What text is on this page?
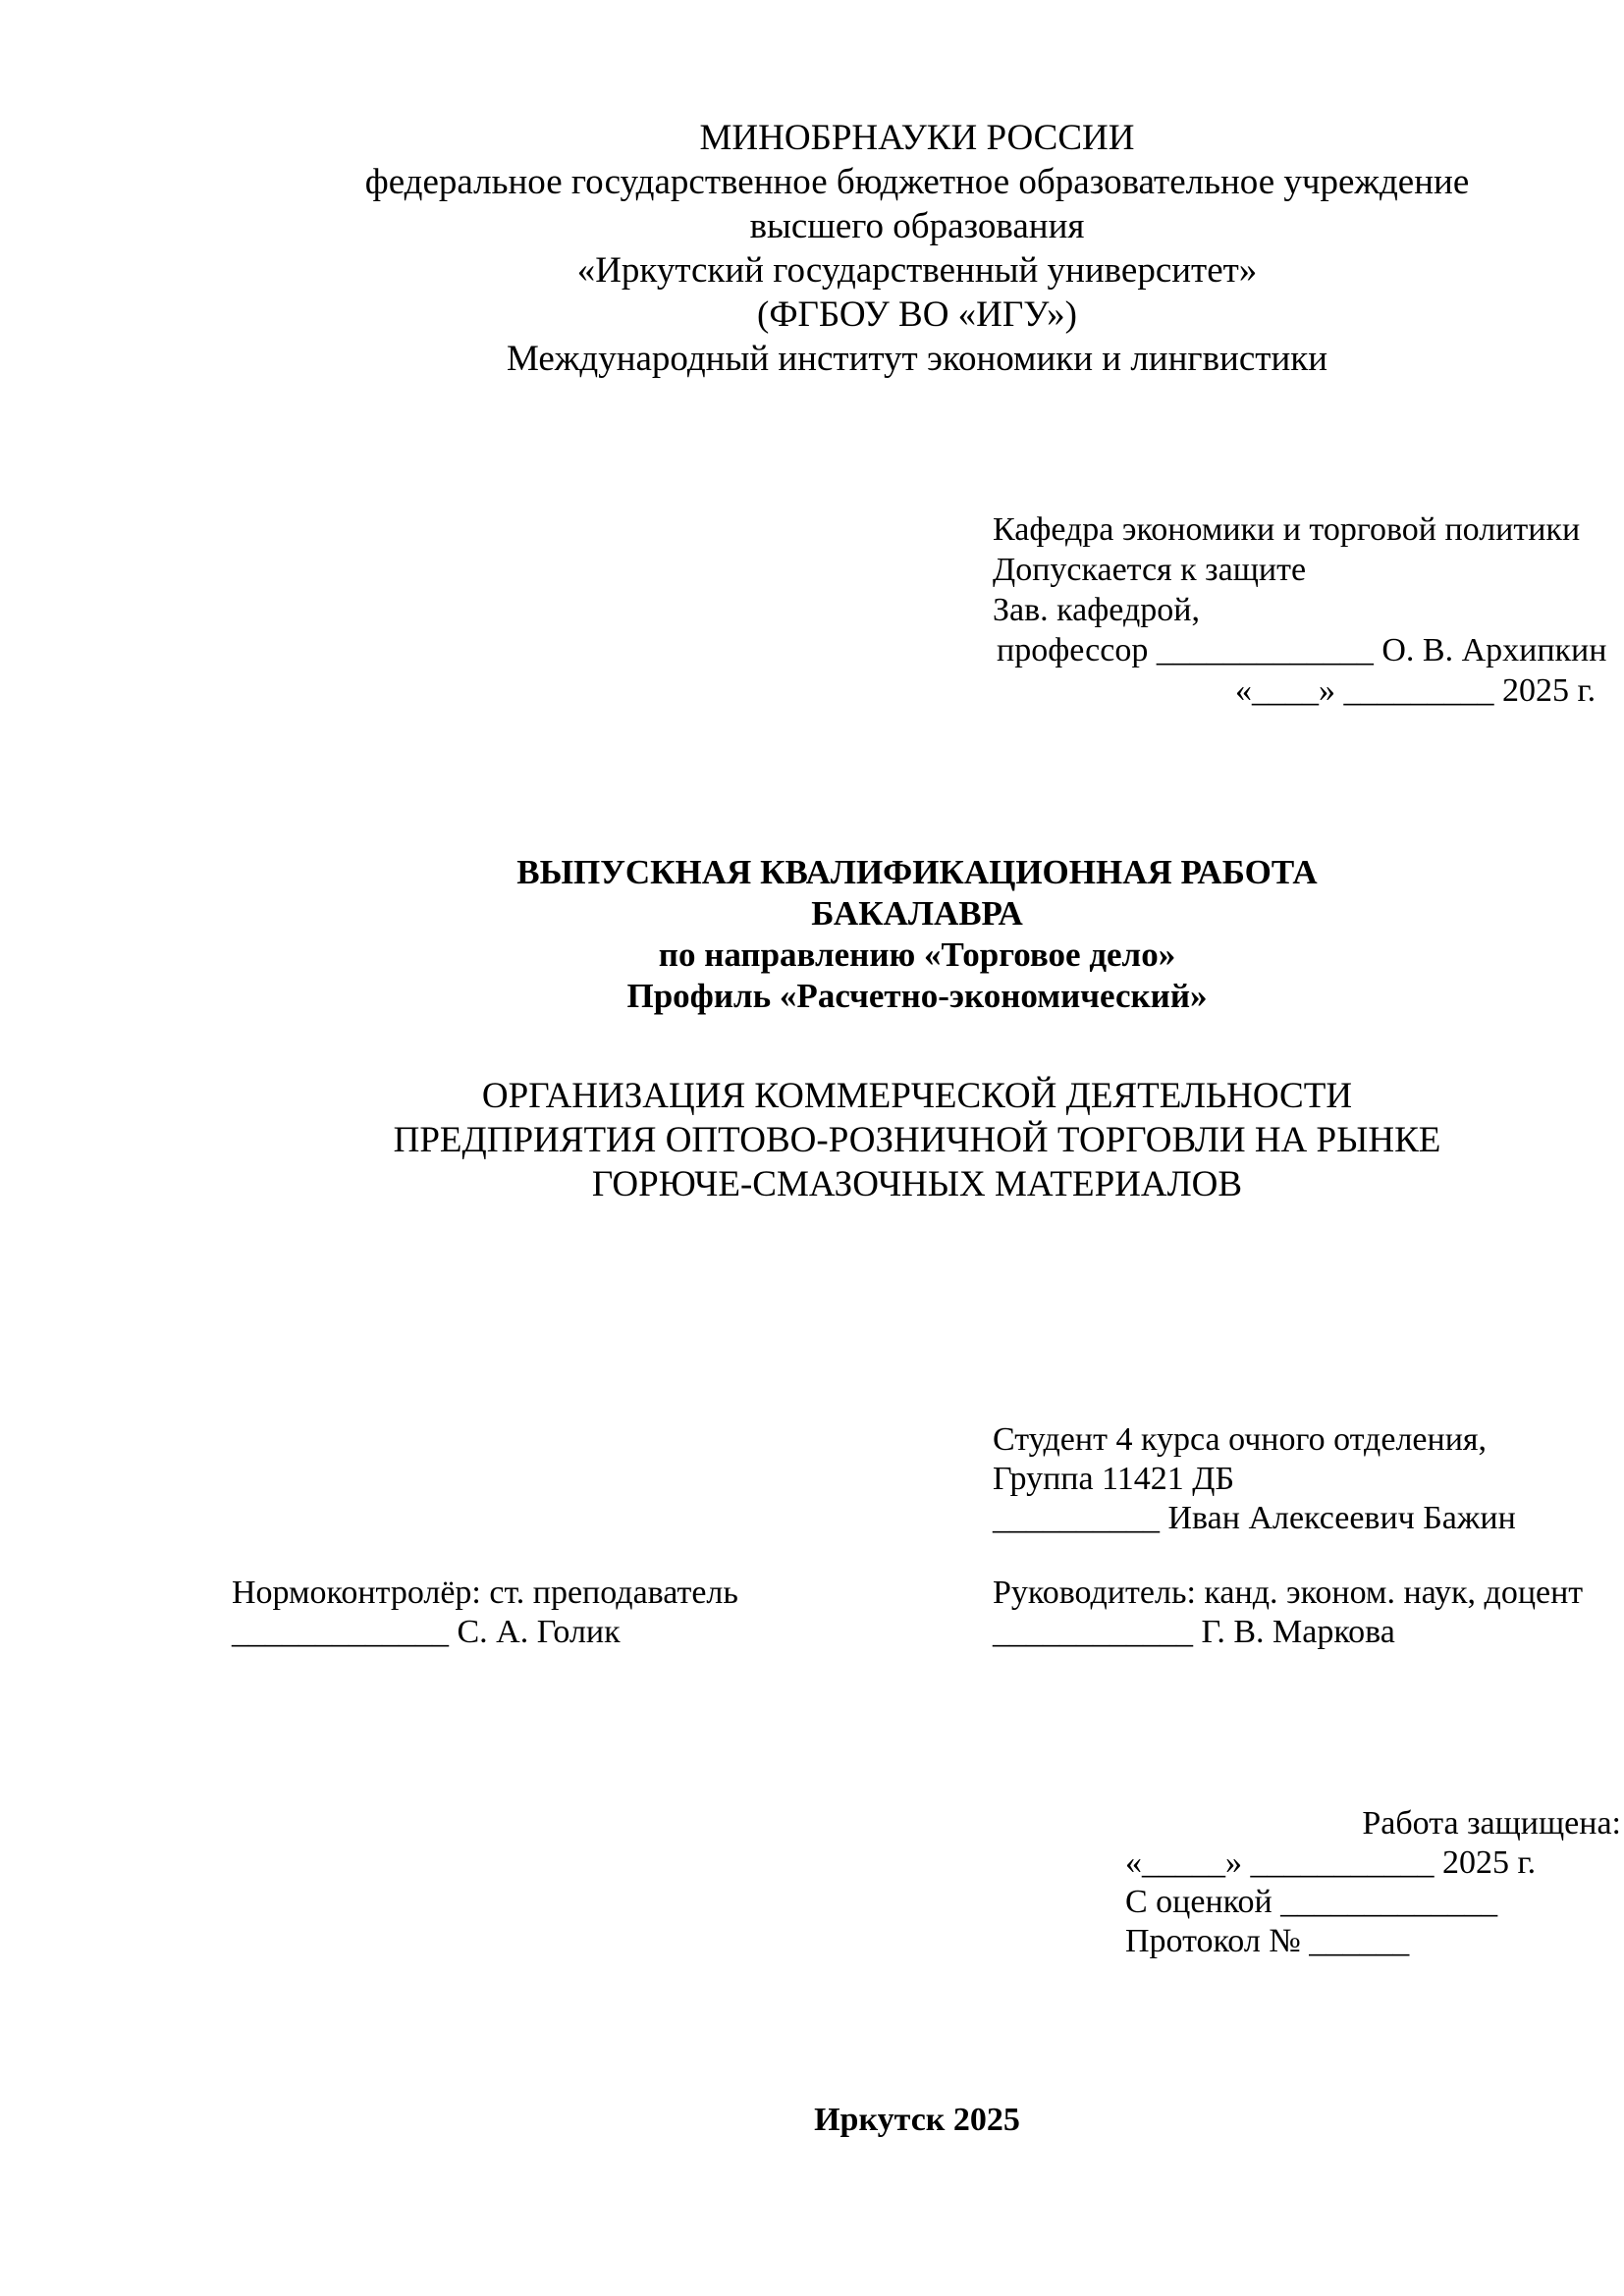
МИНОБРНАУКИ РОССИИ
федеральное государственное бюджетное образовательное учреждение
высшего образования
«Иркутский государственный университет»
(ФГБОУ ВО «ИГУ»)
Международный институт экономики и лингвистики
Кафедра экономики и торговой политики
Допускается к защите
Зав. кафедрой,
профессор _____________ О. В. Архипкин
«____» _________ 2025 г.
ВЫПУСКНАЯ КВАЛИФИКАЦИОННАЯ РАБОТА
БАКАЛАВРА
по направлению «Торговое дело»
Профиль «Расчетно-экономический»
ОРГАНИЗАЦИЯ КОММЕРЧЕСКОЙ ДЕЯТЕЛЬНОСТИ
ПРЕДПРИЯТИЯ ОПТОВО-РОЗНИЧНОЙ ТОРГОВЛИ НА РЫНКЕ
ГОРЮЧЕ-СМАЗОЧНЫХ МАТЕРИАЛОВ
Студент 4 курса очного отделения,
Группа 11421 ДБ
__________ Иван Алексеевич Бажин
Нормоконтролёр: ст. преподаватель
_____________ С. А. Голик
Руководитель: канд. эконом. наук, доцент
____________ Г. В. Маркова
Работа защищена:
«_____» ___________ 2025 г.
С оценкой _____________
Протокол № ______
Иркутск 2025
